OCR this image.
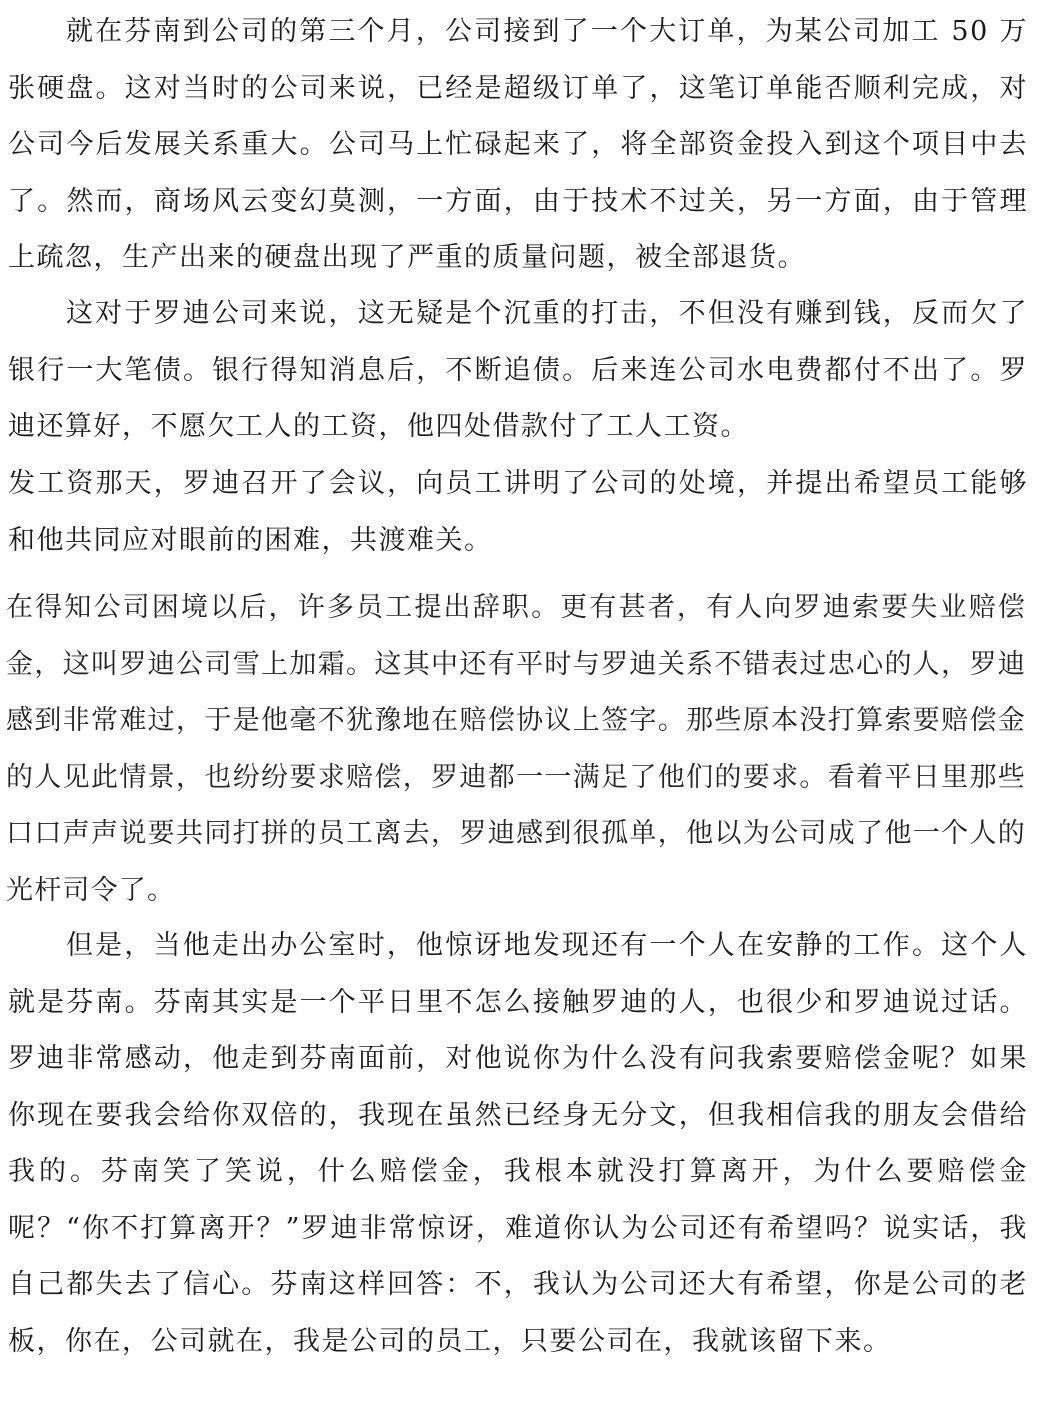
就在芬南到公司的第三个月，公司接到了一个大订单，为某公司加工 50 万张硬盘。这对当时的公司来说，已经是超级订单了，这笔订单能否顺利完成，对公司今后发展关系重大。公司马上忙碌起来了，将全部资金投入到这个项目中去了。然而，商场风云变幻莫测，一方面，由于技术不过关，另一方面，由于管理上疏忽，生产出来的硬盘出现了严重的质量问题，被全部退货。

这对于罗迪公司来说，这无疑是个沉重的打击，不但没有赚到钱，反而欠了银行一大笔债。银行得知消息后，不断追债。后来连公司水电费都付不出了。罗迪还算好，不愿欠工人的工资，他四处借款付了工人工资。

发工资那天，罗迪召开了会议，向员工讲明了公司的处境，并提出希望员工能够和他共同应对眼前的困难，共渡难关。

在得知公司困境以后，许多员工提出辞职。更有甚者，有人向罗迪索要失业赔偿金，这叫罗迪公司雪上加霜。这其中还有平时与罗迪关系不错表过忠心的人，罗迪感到非常难过，于是他毫不犹豫地在赔偿协议上签字。那些原本没打算索要赔偿金的人见此情景，也纷纷要求赔偿，罗迪都一一满足了他们的要求。看着平日里那些口口声声说要共同打拼的员工离去，罗迪感到很孤单，他以为公司成了他一个人的光杆司令了。

但是，当他走出办公室时，他惊讶地发现还有一个人在安静的工作。这个人就是芬南。芬南其实是一个平日里不怎么接触罗迪的人，也很少和罗迪说过话。罗迪非常感动，他走到芬南面前，对他说你为什么没有问我索要赔偿金呢？如果你现在要我会给你双倍的，我现在虽然已经身无分文，但我相信我的朋友会借给我的。芬南笑了笑说，什么赔偿金，我根本就没打算离开，为什么要赔偿金呢？“你不打算离开？”罗迪非常惊讶，难道你认为公司还有希望吗？说实话，我自己都失去了信心。芬南这样回答：不，我认为公司还大有希望，你是公司的老板，你在，公司就在，我是公司的员工，只要公司在，我就该留下来。
